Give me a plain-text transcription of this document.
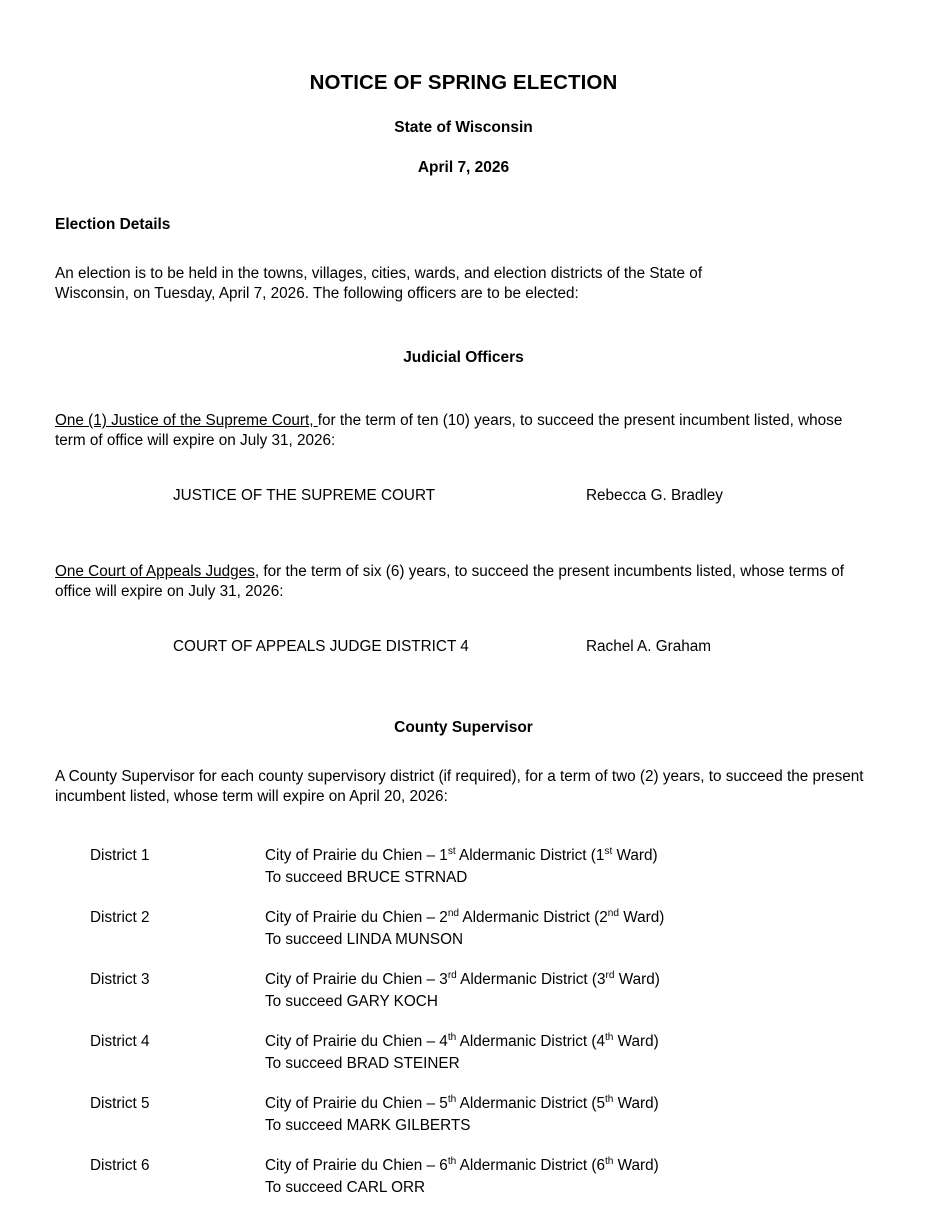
NOTICE OF SPRING ELECTION
State of Wisconsin
April 7, 2026
Election Details

An election is to be held in the towns, villages, cities, wards, and election districts of the State of
Wisconsin, on Tuesday, April 7, 2026. The following officers are to be elected:

Judicial Officers

One (1) Justice of the Supreme Court, for the term of ten (10) years, to succeed the present incumbent listed, whose term of office will expire on July 31, 2026:

JUSTICE OF THE SUPREME COURT	Rebecca G. Bradley

One Court of Appeals Judges, for the term of six (6) years, to succeed the present incumbents listed, whose terms of office will expire on July 31, 2026:

COURT OF APPEALS JUDGE DISTRICT 4	Rachel A. Graham
County Supervisor

A County Supervisor for each county supervisory district (if required), for a term of two (2) years, to succeed the present incumbent listed, whose term will expire on April 20, 2026:

District 1	City of Prairie du Chien – 1st Aldermanic District (1st Ward)
To succeed BRUCE STRNAD
District 2	City of Prairie du Chien – 2nd Aldermanic District (2nd Ward)
To succeed LINDA MUNSON
District 3	City of Prairie du Chien – 3rd Aldermanic District (3rd Ward)
To succeed GARY KOCH
District 4	City of Prairie du Chien – 4th Aldermanic District (4th Ward)
To succeed BRAD STEINER
District 5	City of Prairie du Chien – 5th Aldermanic District (5th Ward)
To succeed MARK GILBERTS
District 6	City of Prairie du Chien – 6th Aldermanic District (6th Ward)
To succeed CARL ORR
